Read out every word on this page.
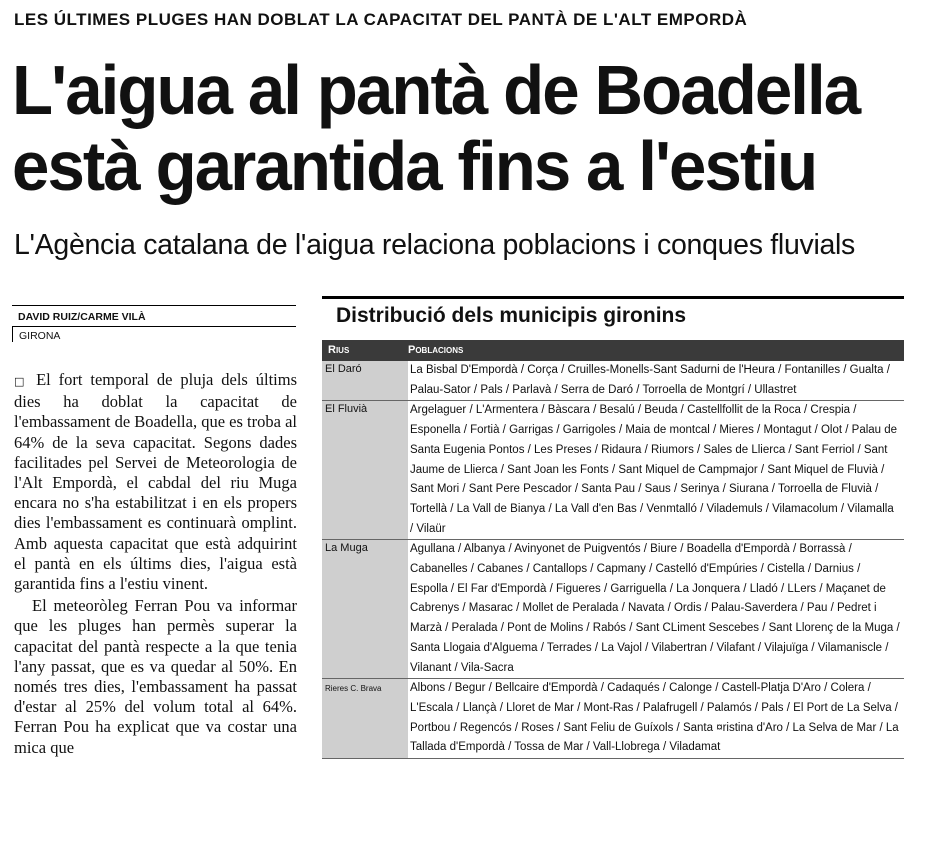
LES ÚLTIMES PLUGES HAN DOBLAT LA CAPACITAT DEL PANTÀ DE L'ALT EMPORDÀ
L'aigua al pantà de Boadella
està garantida fins a l'estiu
L'Agència catalana de l'aigua relaciona poblacions i conques fluvials
DAVID RUIZ/CARME VILÀ
GIRONA

□ El fort temporal de pluja dels últims dies ha doblat la capacitat de l'embassament de Boadella, que es troba al 64% de la seva capacitat. Segons dades facilitades pel Servei de Meteorologia de l'Alt Empordà, el cabdal del riu Muga encara no s'ha estabilitzat i en els propers dies l'embassament es continuarà omplint. Amb aquesta capacitat que està adquirint el pantà en els últims dies, l'aigua està garantida fins a l'estiu vinent.

El meteoròleg Ferran Pou va informar que les pluges han permès superar la capacitat del pantà respecte a la que tenia l'any passat, que es va quedar al 50%. En només tres dies, l'embassament ha passat d'estar al 25% del volum total al 64%. Ferran Pou ha explicat que va costar una mica que

Distribució dels municipis gironins
Rius	Poblacions
El Daró	La Bisbal D'Empordà / Corça / Cruilles-Monells-Sant Sadurni de l'Heura / Fontanilles / Gualta / Palau-Sator / Pals / Parlavà / Serra de Daró / Torroella de Montgrí / Ullastret
El Fluvià	Argelaguer / L'Armentera / Bàscara / Besalú / Beuda / Castellfollit de la Roca / Crespia / Esponella / Fortià / Garrigas / Garrigoles / Maia de montcal / Mieres / Montagut / Olot / Palau de Santa Eugenia Pontos / Les Preses / Ridaura / Riumors / Sales de Llierca / Sant Ferriol / Sant Jaume de Llierca / Sant Joan les Fonts / Sant Miquel de Campmajor / Sant Miquel de Fluvià / Sant Mori / Sant Pere Pescador / Santa Pau / Saus / Serinya / Siurana / Torroella de Fluvià / Tortellà / La Vall de Bianya / La Vall d'en Bas / Venmtalló / Vilademuls / Vilamacolum / Vilamalla / Vilaür
La Muga	Agullana / Albanya / Avinyonet de Puigventós / Biure / Boadella d'Empordà / Borrassà / Cabanelles / Cabanes / Cantallops / Capmany / Castelló d'Empúries / Cistella / Darnius / Espolla / El Far d'Empordà / Figueres / Garriguella / La Jonquera / Lladó / LLers / Maçanet de Cabrenys / Masarac / Mollet de Peralada / Navata / Ordis / Palau-Saverdera / Pau / Pedret i Marzà / Peralada / Pont de Molins / Rabós / Sant CLiment Sescebes / Sant Llorenç de la Muga / Santa Llogaia d'Alguema / Terrades / La Vajol / Vilabertran / Vilafant / Vilajuïga / Vilamaniscle / Vilanant / Vila-Sacra
Rieres C. Brava	Albons / Begur / Bellcaire d'Empordà / Cadaqués / Calonge / Castell-Platja D'Aro / Colera / L'Escala / Llançà / Lloret de Mar / Mont-Ras / Palafrugell / Palamós / Pals / El Port de La Selva / Portbou / Regencós / Roses / Sant Feliu de Guíxols / Santa ¤ristina d'Aro / La Selva de Mar / La Tallada d'Empordà / Tossa de Mar / Vall-Llobrega / Viladamat
